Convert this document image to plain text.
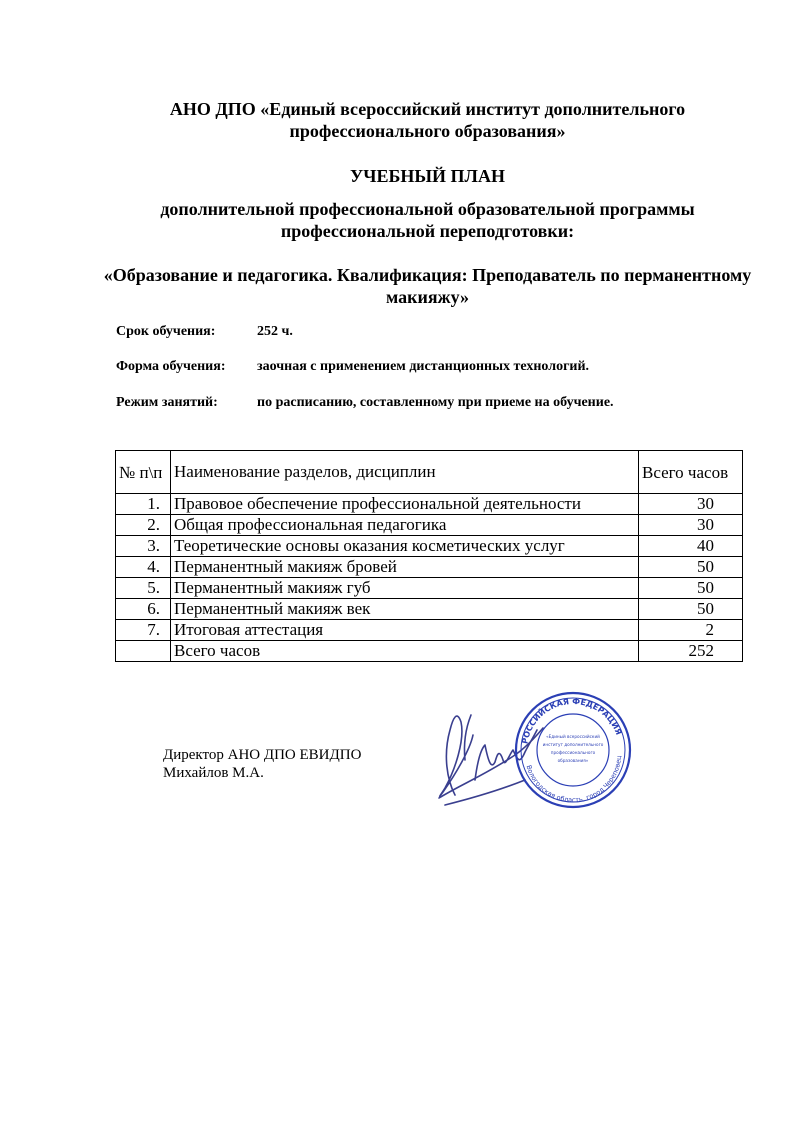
АНО ДПО «Единый всероссийский институт дополнительного профессионального образования»
УЧЕБНЫЙ ПЛАН
дополнительной профессиональной образовательной программы профессиональной переподготовки:
«Образование и педагогика. Квалификация: Преподаватель по перманентному макияжу»
Срок обучения:	252 ч.
Форма обучения: заочная с применением дистанционных технологий.
Режим занятий:	по расписанию, составленному при приеме на обучение.
№ п\п	Наименование разделов, дисциплин	Всего часов
1.	Правовое обеспечение профессиональной деятельности	30
2.	Общая профессиональная педагогика	30
3.	Теоретические основы оказания косметических услуг	40
4.	Перманентный макияж бровей	50
5.	Перманентный макияж губ	50
6.	Перманентный макияж век	50
7.	Итоговая аттестация	2
	Всего часов	252
Директор АНО ДПО ЕВИДПО
Михайлов М.А.
РОССИЙСКАЯ ФЕДЕРАЦИЯ
Вологодская область, город Череповец
«Единый всероссийский
институт дополнительного
профессионального
образования»
